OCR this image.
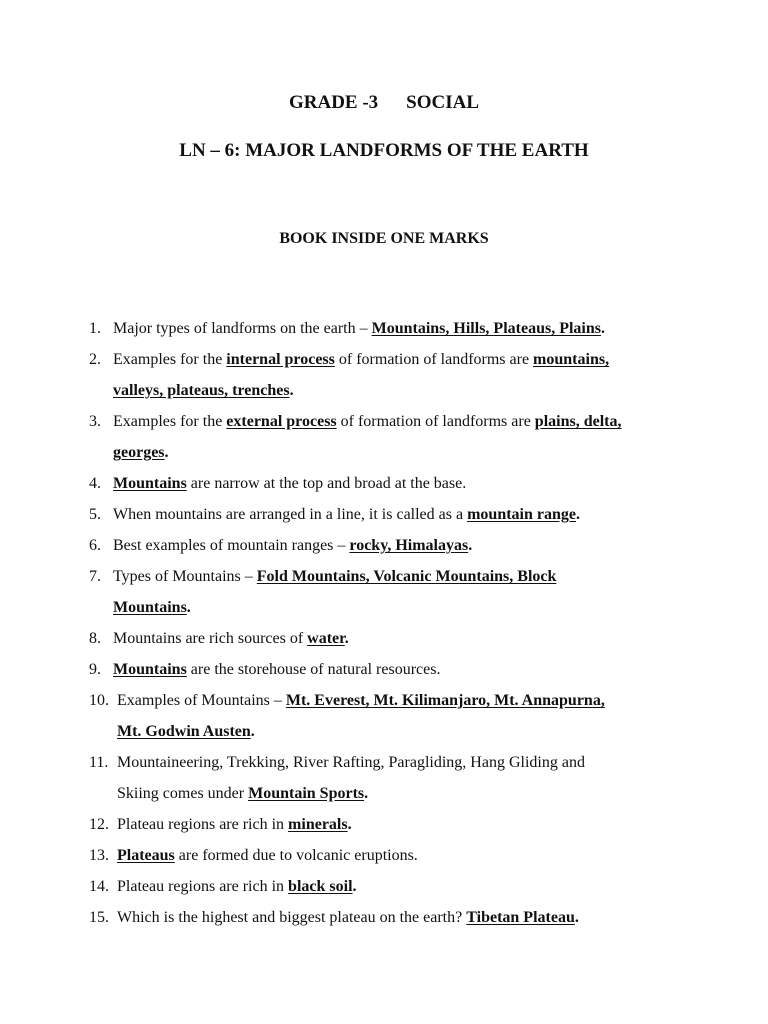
GRADE -3 SOCIAL
LN – 6: MAJOR LANDFORMS OF THE EARTH
BOOK INSIDE ONE MARKS
1. Major types of landforms on the earth – Mountains, Hills, Plateaus, Plains.
2. Examples for the internal process of formation of landforms are mountains,
valleys, plateaus, trenches.
3. Examples for the external process of formation of landforms are plains, delta,
georges.
4. Mountains are narrow at the top and broad at the base.
5. When mountains are arranged in a line, it is called as a mountain range.
6. Best examples of mountain ranges – rocky, Himalayas.
7. Types of Mountains – Fold Mountains, Volcanic Mountains, Block
Mountains.
8. Mountains are rich sources of water.
9. Mountains are the storehouse of natural resources.
10. Examples of Mountains – Mt. Everest, Mt. Kilimanjaro, Mt. Annapurna,
Mt. Godwin Austen.
11. Mountaineering, Trekking, River Rafting, Paragliding, Hang Gliding and
Skiing comes under Mountain Sports.
12. Plateau regions are rich in minerals.
13. Plateaus are formed due to volcanic eruptions.
14. Plateau regions are rich in black soil.
15. Which is the highest and biggest plateau on the earth? Tibetan Plateau.
